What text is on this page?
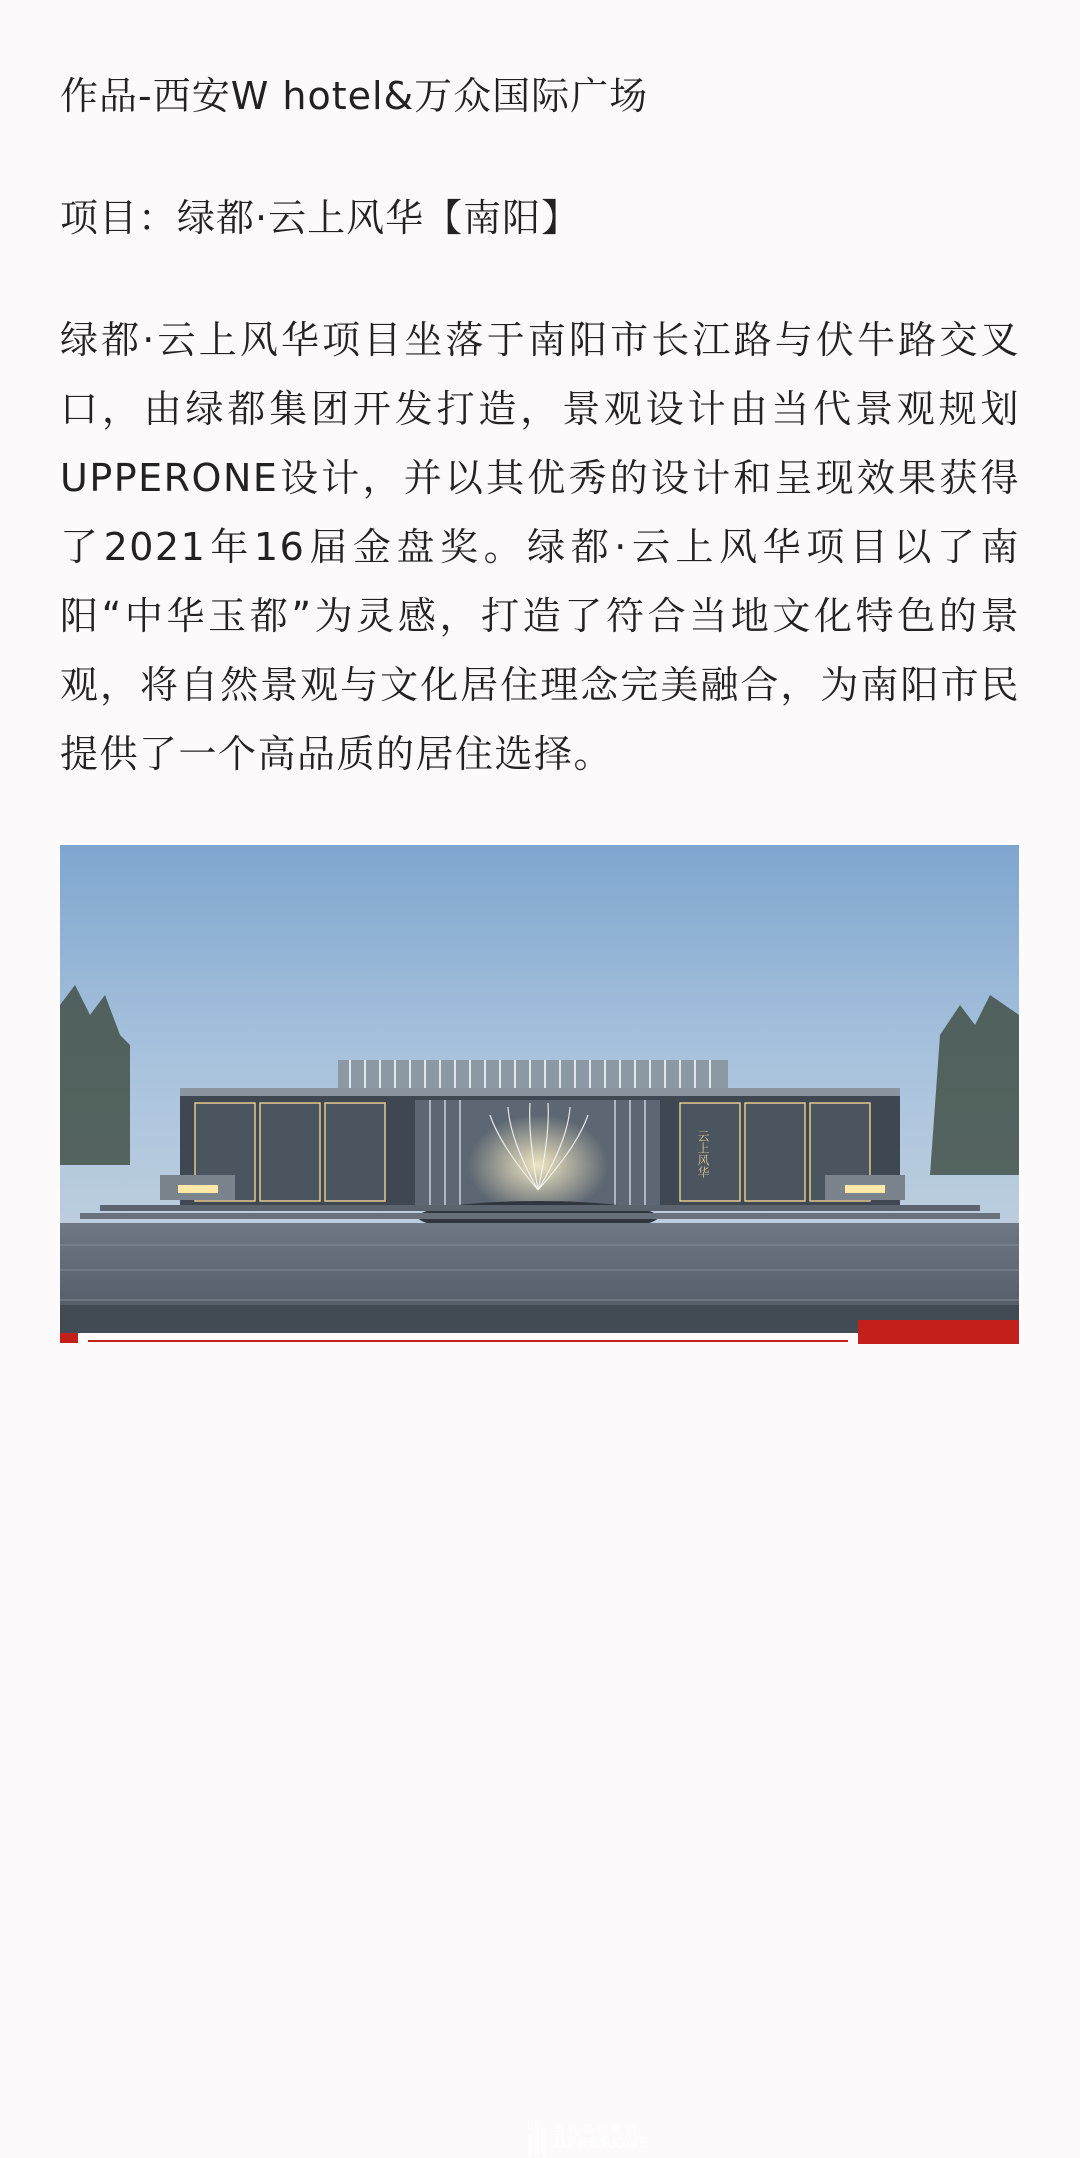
作品-西安W hotel&万众国际广场
项目：绿都·云上风华【南阳】
绿都·云上风华项目坐落于南阳市长江路与伏牛路交叉口，由绿都集团开发打造，景观设计由当代景观规划UPPERONE设计，并以其优秀的设计和呈现效果获得了2021年16届金盘奖。绿都·云上风华项目以了南阳“中华玉都”为灵感，打造了符合当地文化特色的景观，将自然景观与文化居住理念完美融合，为南阳市民提供了一个高品质的居住选择。
云上风华
当代景观规划
UPPERONE
